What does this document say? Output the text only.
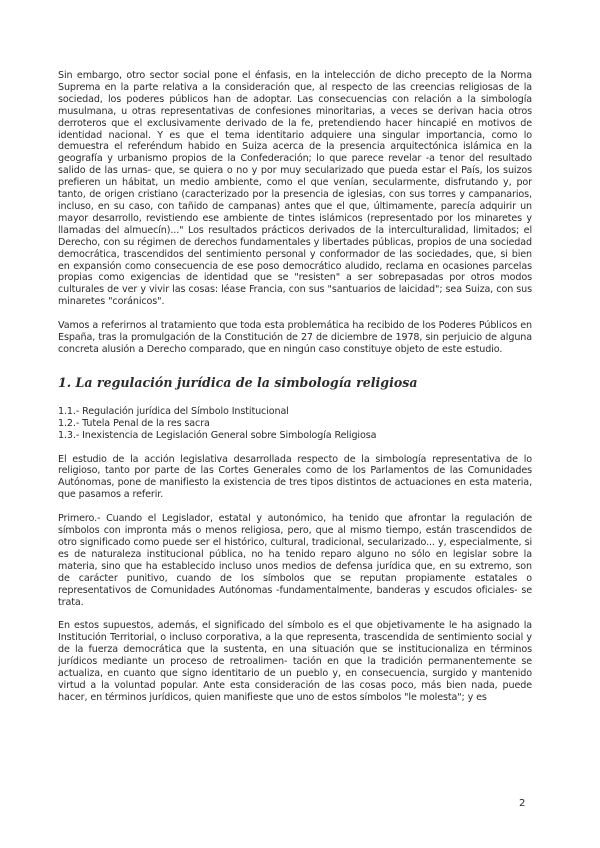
Sin embargo, otro sector social pone el énfasis, en la intelección de dicho precepto de la Norma Suprema en la parte relativa a la consideración que, al respecto de las creencias religiosas de la sociedad, los poderes públicos han de adoptar. Las consecuencias con relación a la simbología musulmana, u otras representativas de confesiones minoritarias, a veces se derivan hacia otros derroteros que el exclusivamente derivado de la fe, pretendiendo hacer hincapié en motivos de identidad nacional. Y es que el tema identitario adquiere una singular importancia, como lo demuestra el referéndum habido en Suiza acerca de la presencia arquitectónica islámica en la geografía y urbanismo propios de la Confederación; lo que parece revelar -a tenor del resultado salido de las urnas- que, se quiera o no y por muy secularizado que pueda estar el País, los suizos prefieren un hábitat, un medio ambiente, como el que venían, secularmente, disfrutando y, por tanto, de origen cristiano (caracterizado por la presencia de iglesias, con sus torres y campanarios, incluso, en su caso, con tañido de campanas) antes que el que, últimamente, parecía adquirir un mayor desarrollo, revistiendo ese ambiente de tintes islámicos (representado por los minaretes y llamadas del almuecín)..." Los resultados prácticos derivados de la interculturalidad, limitados; el Derecho, con su régimen de derechos fundamentales y libertades públicas, propios de una sociedad democrática, trascendidos del sentimiento personal y conformador de las sociedades, que, si bien en expansión como consecuencia de ese poso democrático aludido, reclama en ocasiones parcelas propias como exigencias de identidad que se "resisten" a ser sobrepasadas por otros modos culturales de ver y vivir las cosas: léase Francia, con sus "santuarios de laicidad"; sea Suiza, con sus minaretes "coránicos".

Vamos a referirnos al tratamiento que toda esta problemática ha recibido de los Poderes Públicos en España, tras la promulgación de la Constitución de 27 de diciembre de 1978, sin perjuicio de alguna concreta alusión a Derecho comparado, que en ningún caso constituye objeto de este estudio.

1. La regulación jurídica de la simbología religiosa
1.1.- Regulación jurídica del Símbolo Institucional
1.2.- Tutela Penal de la res sacra
1.3.- Inexistencia de Legislación General sobre Simbología Religiosa

El estudio de la acción legislativa desarrollada respecto de la simbología representativa de lo religioso, tanto por parte de las Cortes Generales como de los Parlamentos de las Comunidades Autónomas, pone de manifiesto la existencia de tres tipos distintos de actuaciones en esta materia, que pasamos a referir.

Primero.- Cuando el Legislador, estatal y autonómico, ha tenido que afrontar la regulación de símbolos con impronta más o menos religiosa, pero, que al mismo tiempo, están trascendidos de otro significado como puede ser el histórico, cultural, tradicional, secularizado... y, especialmente, si es de naturaleza institucional pública, no ha tenido reparo alguno no sólo en legislar sobre la materia, sino que ha establecido incluso unos medios de defensa jurídica que, en su extremo, son de carácter punitivo, cuando de los símbolos que se reputan propiamente estatales o representativos de Comunidades Autónomas -fundamentalmente, banderas y escudos oficiales- se trata.

En estos supuestos, además, el significado del símbolo es el que objetivamente le ha asignado la Institución Territorial, o incluso corporativa, a la que representa, trascendida de sentimiento social y de la fuerza democrática que la sustenta, en una situación que se institucionaliza en términos jurídicos mediante un proceso de retroalimen- tación en que la tradición permanentemente se actualiza, en cuanto que signo identitario de un pueblo y, en consecuencia, surgido y mantenido virtud a la voluntad popular. Ante esta consideración de las cosas poco, más bien nada, puede hacer, en términos jurídicos, quien manifieste que uno de estos símbolos "le molesta"; y es

2
